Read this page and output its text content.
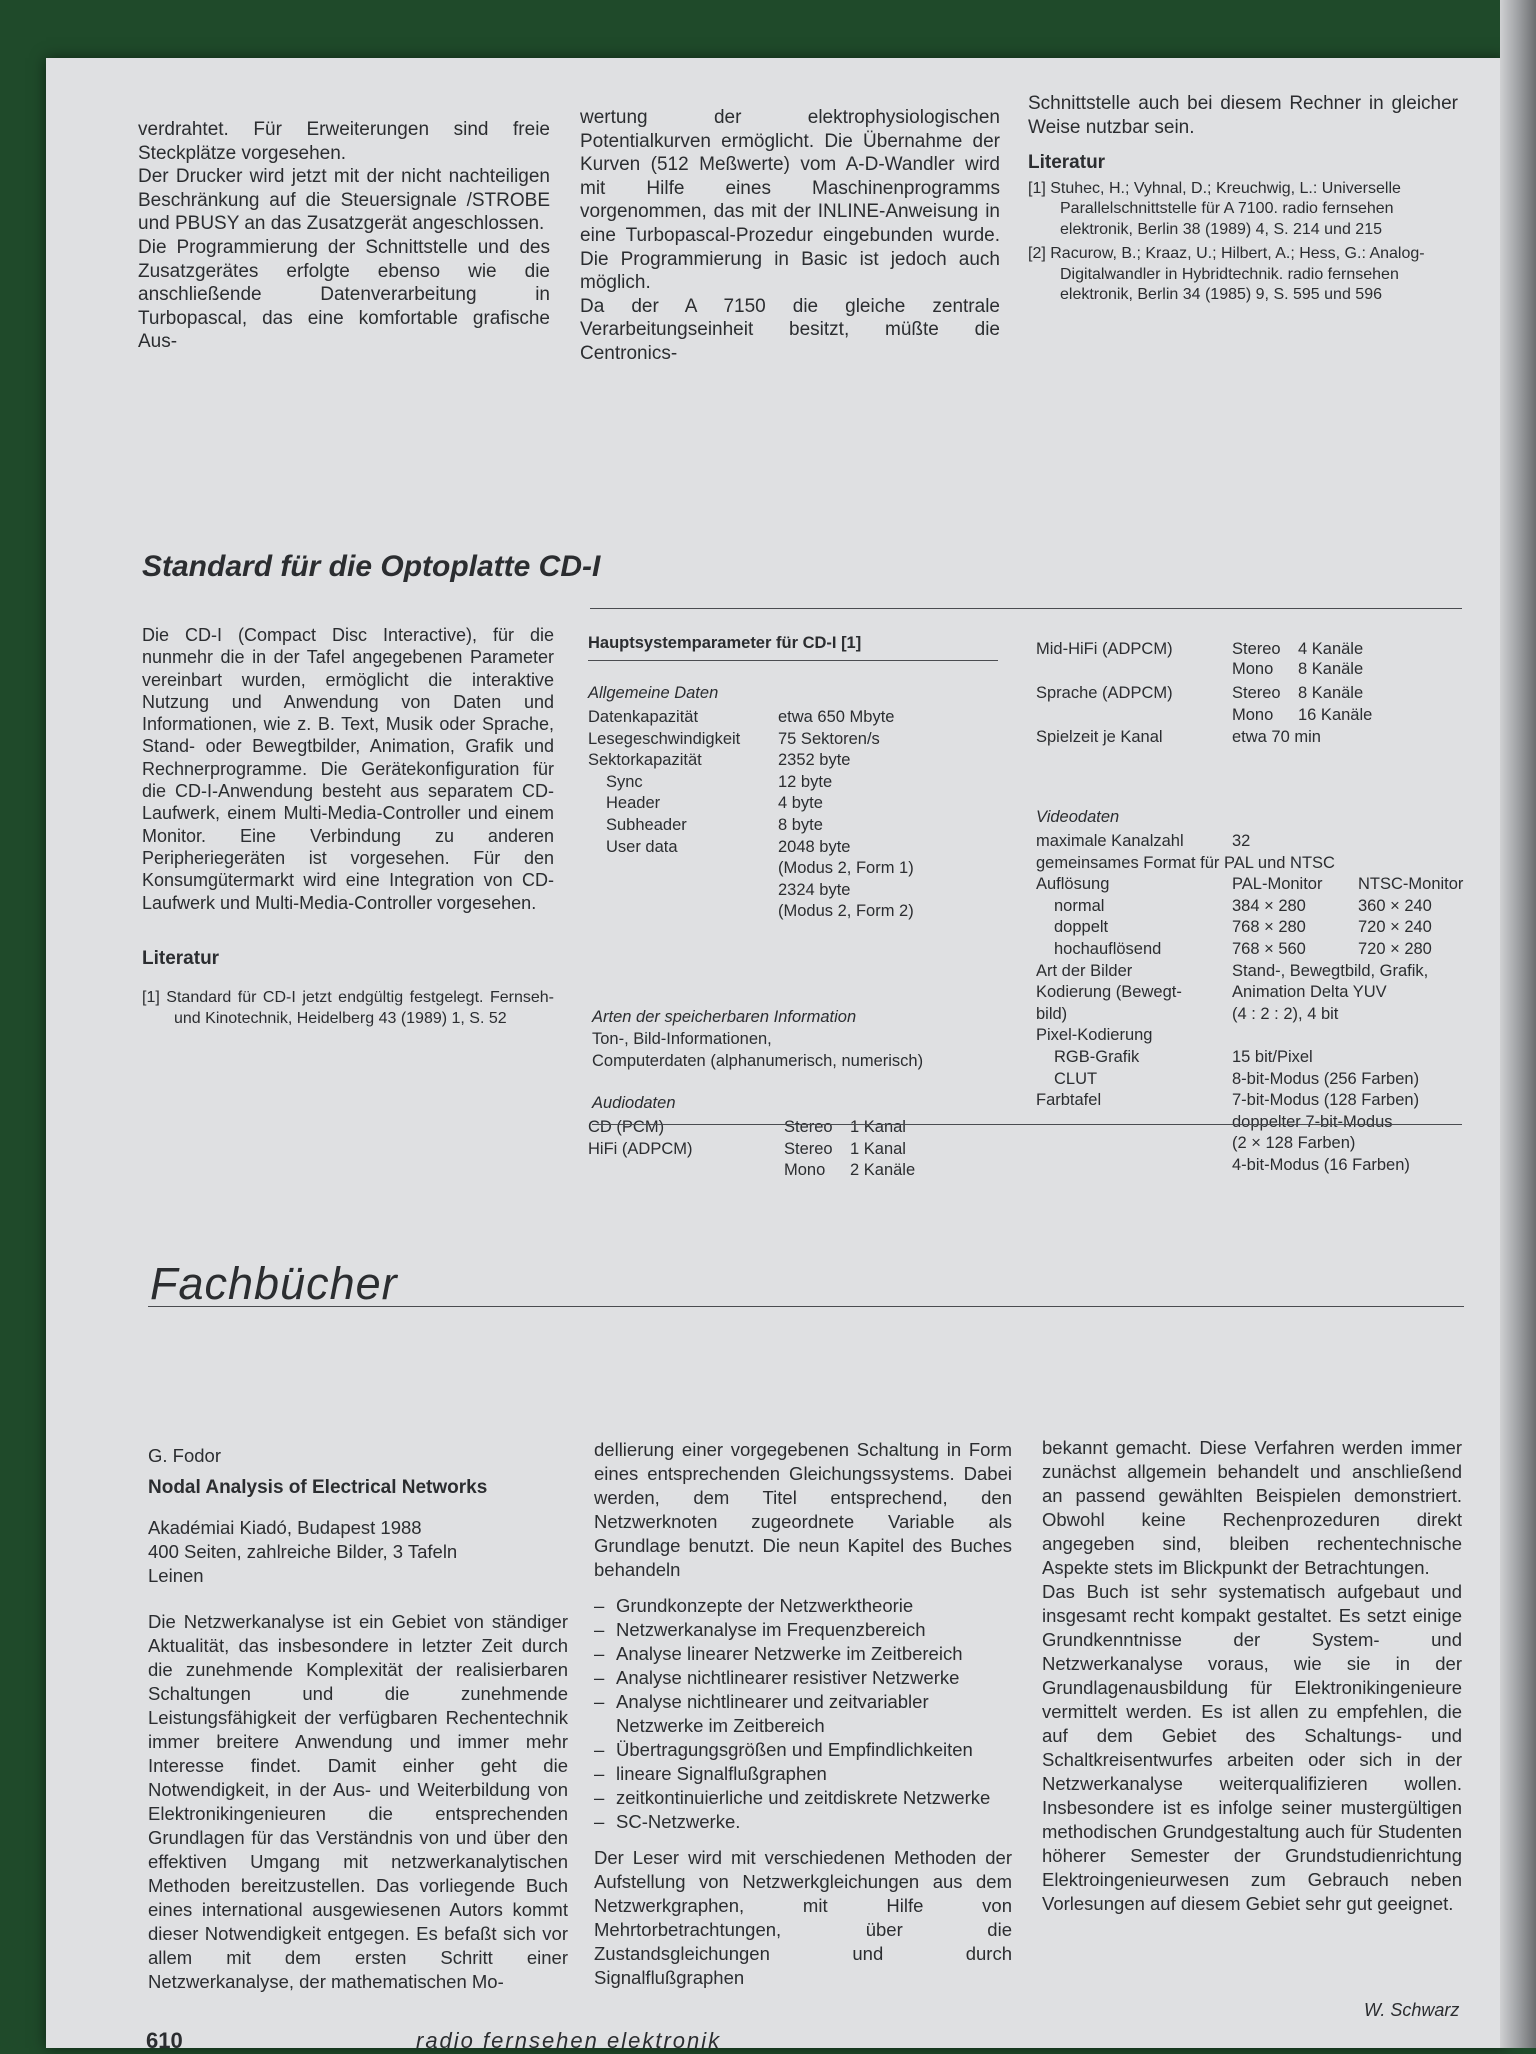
verdrahtet. Für Erweiterungen sind freie Steckplätze vorgesehen.

Der Drucker wird jetzt mit der nicht nachteiligen Beschränkung auf die Steuersignale /STROBE und PBUSY an das Zusatzgerät angeschlossen.

Die Programmierung der Schnittstelle und des Zusatzgerätes erfolgte ebenso wie die anschließende Datenverarbeitung in Turbopascal, das eine komfortable grafische Aus-

wertung der elektrophysiologischen Potentialkurven ermöglicht. Die Übernahme der Kurven (512 Meßwerte) vom A-D-Wandler wird mit Hilfe eines Maschinenprogramms vorgenommen, das mit der INLINE-Anweisung in eine Turbopascal-Prozedur eingebunden wurde. Die Programmierung in Basic ist jedoch auch möglich.

Da der A 7150 die gleiche zentrale Verarbeitungseinheit besitzt, müßte die Centronics-

Schnittstelle auch bei diesem Rechner in gleicher Weise nutzbar sein.

Literatur

[1] Stuhec, H.; Vyhnal, D.; Kreuchwig, L.: Universelle Parallelschnittstelle für A 7100. radio fernsehen elektronik, Berlin 38 (1989) 4, S. 214 und 215

[2] Racurow, B.; Kraaz, U.; Hilbert, A.; Hess, G.: Analog-Digitalwandler in Hybridtechnik. radio fernsehen elektronik, Berlin 34 (1985) 9, S. 595 und 596

Standard für die Optoplatte CD-I

Die CD-I (Compact Disc Interactive), für die nunmehr die in der Tafel angegebenen Parameter vereinbart wurden, ermöglicht die interaktive Nutzung und Anwendung von Daten und Informationen, wie z. B. Text, Musik oder Sprache, Stand- oder Bewegtbilder, Animation, Grafik und Rechnerprogramme. Die Gerätekonfiguration für die CD-I-Anwendung besteht aus separatem CD-Laufwerk, einem Multi-Media-Controller und einem Monitor. Eine Verbindung zu anderen Peripheriegeräten ist vorgesehen. Für den Konsumgütermarkt wird eine Integration von CD-Laufwerk und Multi-Media-Controller vorgesehen.

Literatur

[1] Standard für CD-I jetzt endgültig festgelegt. Fernseh- und Kinotechnik, Heidelberg 43 (1989) 1, S. 52

Hauptsystemparameter für CD-I [1]
Allgemeine Daten
Datenkapazität	etwa 650 Mbyte
Lesegeschwindigkeit 75 Sektoren/s
Sektorkapazität	2352 byte
Sync	12 byte
Header	4 byte
Subheader	8 byte
User data	2048 byte
(Modus 2, Form 1)
2324 byte
(Modus 2, Form 2)
Arten der speicherbaren Information
Ton-, Bild-Informationen,
Computerdaten (alphanumerisch, numerisch)
Audiodaten
CD (PCM)	Stereo 1 Kanal
HiFi (ADPCM)	Stereo 1 Kanal
Mono 2 Kanäle
Mid-HiFi (ADPCM)	Stereo 4 Kanäle
Mono 8 Kanäle
Sprache (ADPCM)	Stereo 8 Kanäle
Mono 16 Kanäle
Spielzeit je Kanal	etwa 70 min
Videodaten
maximale Kanalzahl	32
gemeinsames Format für PAL und NTSC
Auflösung	PAL-Monitor NTSC-Monitor
normal	384 × 280	360 × 240
doppelt	768 × 280	720 × 240
hochauflösend	768 × 560	720 × 280
Art der Bilder	Stand-, Bewegtbild, Grafik,
Kodierung (Bewegt-	Animation Delta YUV
bild)	(4 : 2 : 2), 4 bit
Pixel-Kodierung
RGB-Grafik	15 bit/Pixel
CLUT	8-bit-Modus (256 Farben)
Farbtafel	7-bit-Modus (128 Farben)
doppelter 7-bit-Modus
(2 × 128 Farben)
4-bit-Modus (16 Farben)
Fachbücher

G. Fodor

Nodal Analysis of Electrical Networks

Akadémiai Kiadó, Budapest 1988

400 Seiten, zahlreiche Bilder, 3 Tafeln

Leinen

Die Netzwerkanalyse ist ein Gebiet von ständiger Aktualität, das insbesondere in letzter Zeit durch die zunehmende Komplexität der realisierbaren Schaltungen und die zunehmende Leistungsfähigkeit der verfügbaren Rechentechnik immer breitere Anwendung und immer mehr Interesse findet. Damit einher geht die Notwendigkeit, in der Aus- und Weiterbildung von Elektronikingenieuren die entsprechenden Grundlagen für das Verständnis von und über den effektiven Umgang mit netzwerkanalytischen Methoden bereitzustellen. Das vorliegende Buch eines international ausgewiesenen Autors kommt dieser Notwendigkeit entgegen. Es befaßt sich vor allem mit dem ersten Schritt einer Netzwerkanalyse, der mathematischen Mo-

dellierung einer vorgegebenen Schaltung in Form eines entsprechenden Gleichungssystems. Dabei werden, dem Titel entsprechend, den Netzwerknoten zugeordnete Variable als Grundlage benutzt. Die neun Kapitel des Buches behandeln

– Grundkonzepte der Netzwerktheorie
– Netzwerkanalyse im Frequenzbereich
– Analyse linearer Netzwerke im Zeitbereich
– Analyse nichtlinearer resistiver Netzwerke
– Analyse nichtlinearer und zeitvariabler Netzwerke im Zeitbereich
– Übertragungsgrößen und Empfindlichkeiten
– lineare Signalflußgraphen
– zeitkontinuierliche und zeitdiskrete Netzwerke
– SC-Netzwerke.

Der Leser wird mit verschiedenen Methoden der Aufstellung von Netzwerkgleichungen aus dem Netzwerkgraphen, mit Hilfe von Mehrtorbetrachtungen, über die Zustandsgleichungen und durch Signalflußgraphen

bekannt gemacht. Diese Verfahren werden immer zunächst allgemein behandelt und anschließend an passend gewählten Beispielen demonstriert. Obwohl keine Rechenprozeduren direkt angegeben sind, bleiben rechentechnische Aspekte stets im Blickpunkt der Betrachtungen.

Das Buch ist sehr systematisch aufgebaut und insgesamt recht kompakt gestaltet. Es setzt einige Grundkenntnisse der System- und Netzwerkanalyse voraus, wie sie in der Grundlagenausbildung für Elektronikingenieure vermittelt werden. Es ist allen zu empfehlen, die auf dem Gebiet des Schaltungs- und Schaltkreisentwurfes arbeiten oder sich in der Netzwerkanalyse weiterqualifizieren wollen. Insbesondere ist es infolge seiner mustergültigen methodischen Grundgestaltung auch für Studenten höherer Semester der Grundstudienrichtung Elektroingenieurwesen zum Gebrauch neben Vorlesungen auf diesem Gebiet sehr gut geeignet.

W. Schwarz
610	radio fernsehen elektronik
